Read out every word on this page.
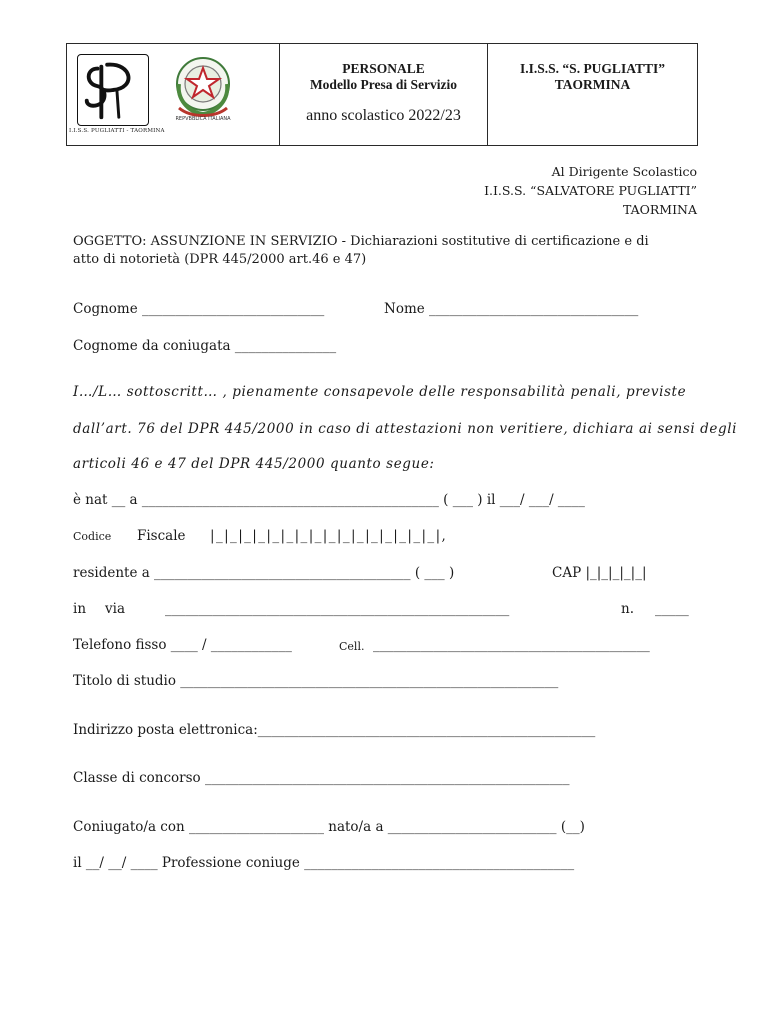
REPVBBLICA ITALIANA
I.I.S.S. PUGLIATTI - TAORMINA
PERSONALE
Modello Presa di Servizio
anno scolastico 2022/23
I.I.S.S. “S. PUGLIATTI”
TAORMINA
Al Dirigente Scolastico
I.I.S.S. “SALVATORE PUGLIATTI”
TAORMINA
OGGETTO: ASSUNZIONE IN SERVIZIO - Dichiarazioni sostitutive di certificazione e di
atto di notorietà (DPR 445/2000 art.46 e 47)
Cognome ___________________________	Nome _______________________________
Cognome da coniugata _______________
I…/L… sottoscritt… , pienamente consapevole delle responsabilità penali, previste
dall’art. 76 del DPR 445/2000 in caso di attestazioni non veritiere, dichiara ai sensi degli
articoli 46 e 47 del DPR 445/2000 quanto segue:
è nat __ a ____________________________________________ ( ___ ) il ___/ ___/ ____
Codice Fiscale |_|_|_|_|_|_|_|_|_|_|_|_|_|_|_|_|,
residente a ______________________________________ ( ___ )	CAP |_|_|_|_|_|
in via	___________________________________________________	n. _____
Telefono fisso ____ / ____________	Cell. _________________________________________
Titolo di studio ________________________________________________________
Indirizzo posta elettronica:__________________________________________________
Classe di concorso ______________________________________________________
Coniugato/a con ____________________ nato/a a _________________________ (__)
il __/ __/ ____ Professione coniuge ________________________________________
